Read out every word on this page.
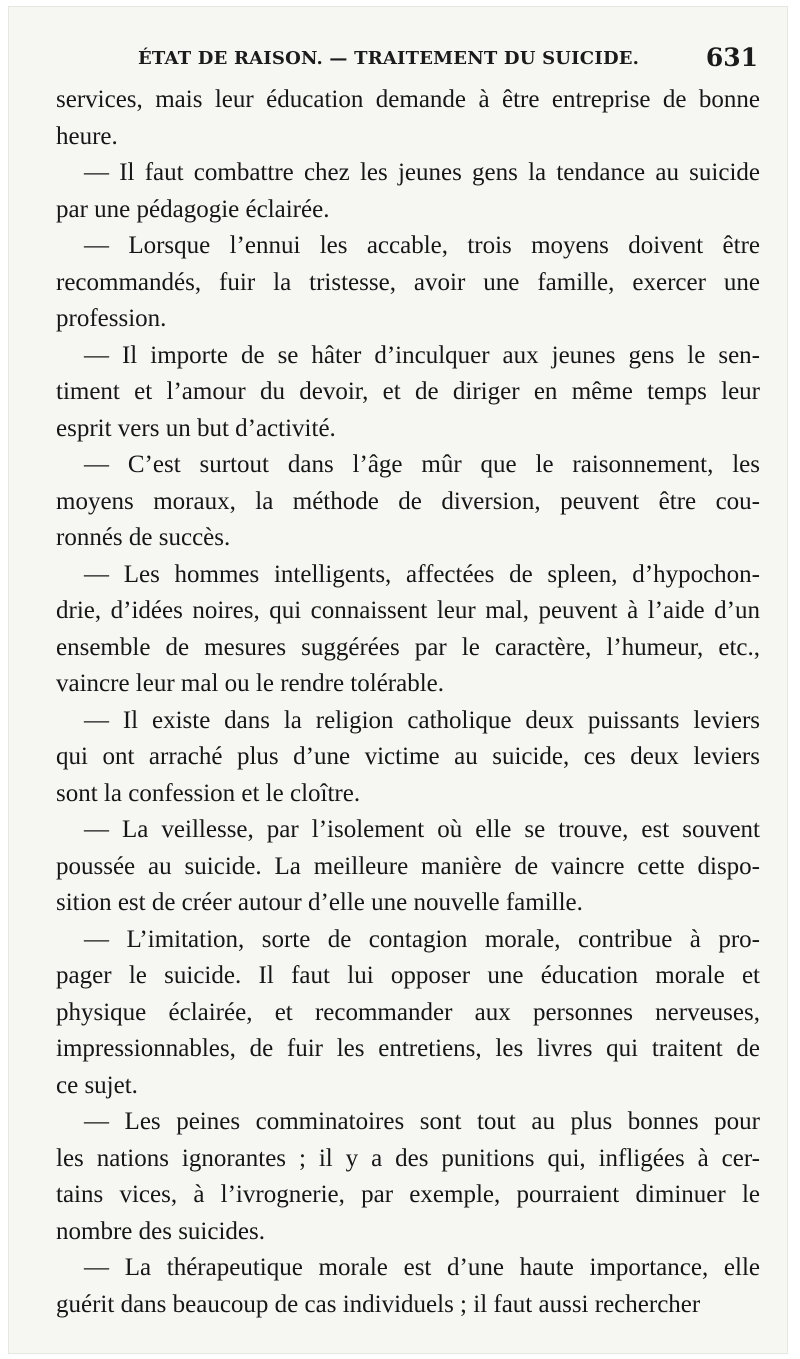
ÉTAT DE RAISON. — TRAITEMENT DU SUICIDE.	631
services, mais leur éducation demande à être entreprise de bonne
heure.
— Il faut combattre chez les jeunes gens la tendance au suicide
par une pédagogie éclairée.
— Lorsque l’ennui les accable, trois moyens doivent être
recommandés, fuir la tristesse, avoir une famille, exercer une
profession.
— Il importe de se hâter d’inculquer aux jeunes gens le sen-
timent et l’amour du devoir, et de diriger en même temps leur
esprit vers un but d’activité.
— C’est surtout dans l’âge mûr que le raisonnement, les
moyens moraux, la méthode de diversion, peuvent être cou-
ronnés de succès.
— Les hommes intelligents, affectées de spleen, d’hypochon-
drie, d’idées noires, qui connaissent leur mal, peuvent à l’aide d’un
ensemble de mesures suggérées par le caractère, l’humeur, etc.,
vaincre leur mal ou le rendre tolérable.
— Il existe dans la religion catholique deux puissants leviers
qui ont arraché plus d’une victime au suicide, ces deux leviers
sont la confession et le cloître.
— La veillesse, par l’isolement où elle se trouve, est souvent
poussée au suicide. La meilleure manière de vaincre cette dispo-
sition est de créer autour d’elle une nouvelle famille.
— L’imitation, sorte de contagion morale, contribue à pro-
pager le suicide. Il faut lui opposer une éducation morale et
physique éclairée, et recommander aux personnes nerveuses,
impressionnables, de fuir les entretiens, les livres qui traitent de
ce sujet.
— Les peines comminatoires sont tout au plus bonnes pour
les nations ignorantes ; il y a des punitions qui, infligées à cer-
tains vices, à l’ivrognerie, par exemple, pourraient diminuer le
nombre des suicides.
— La thérapeutique morale est d’une haute importance, elle
guérit dans beaucoup de cas individuels ; il faut aussi rechercher
